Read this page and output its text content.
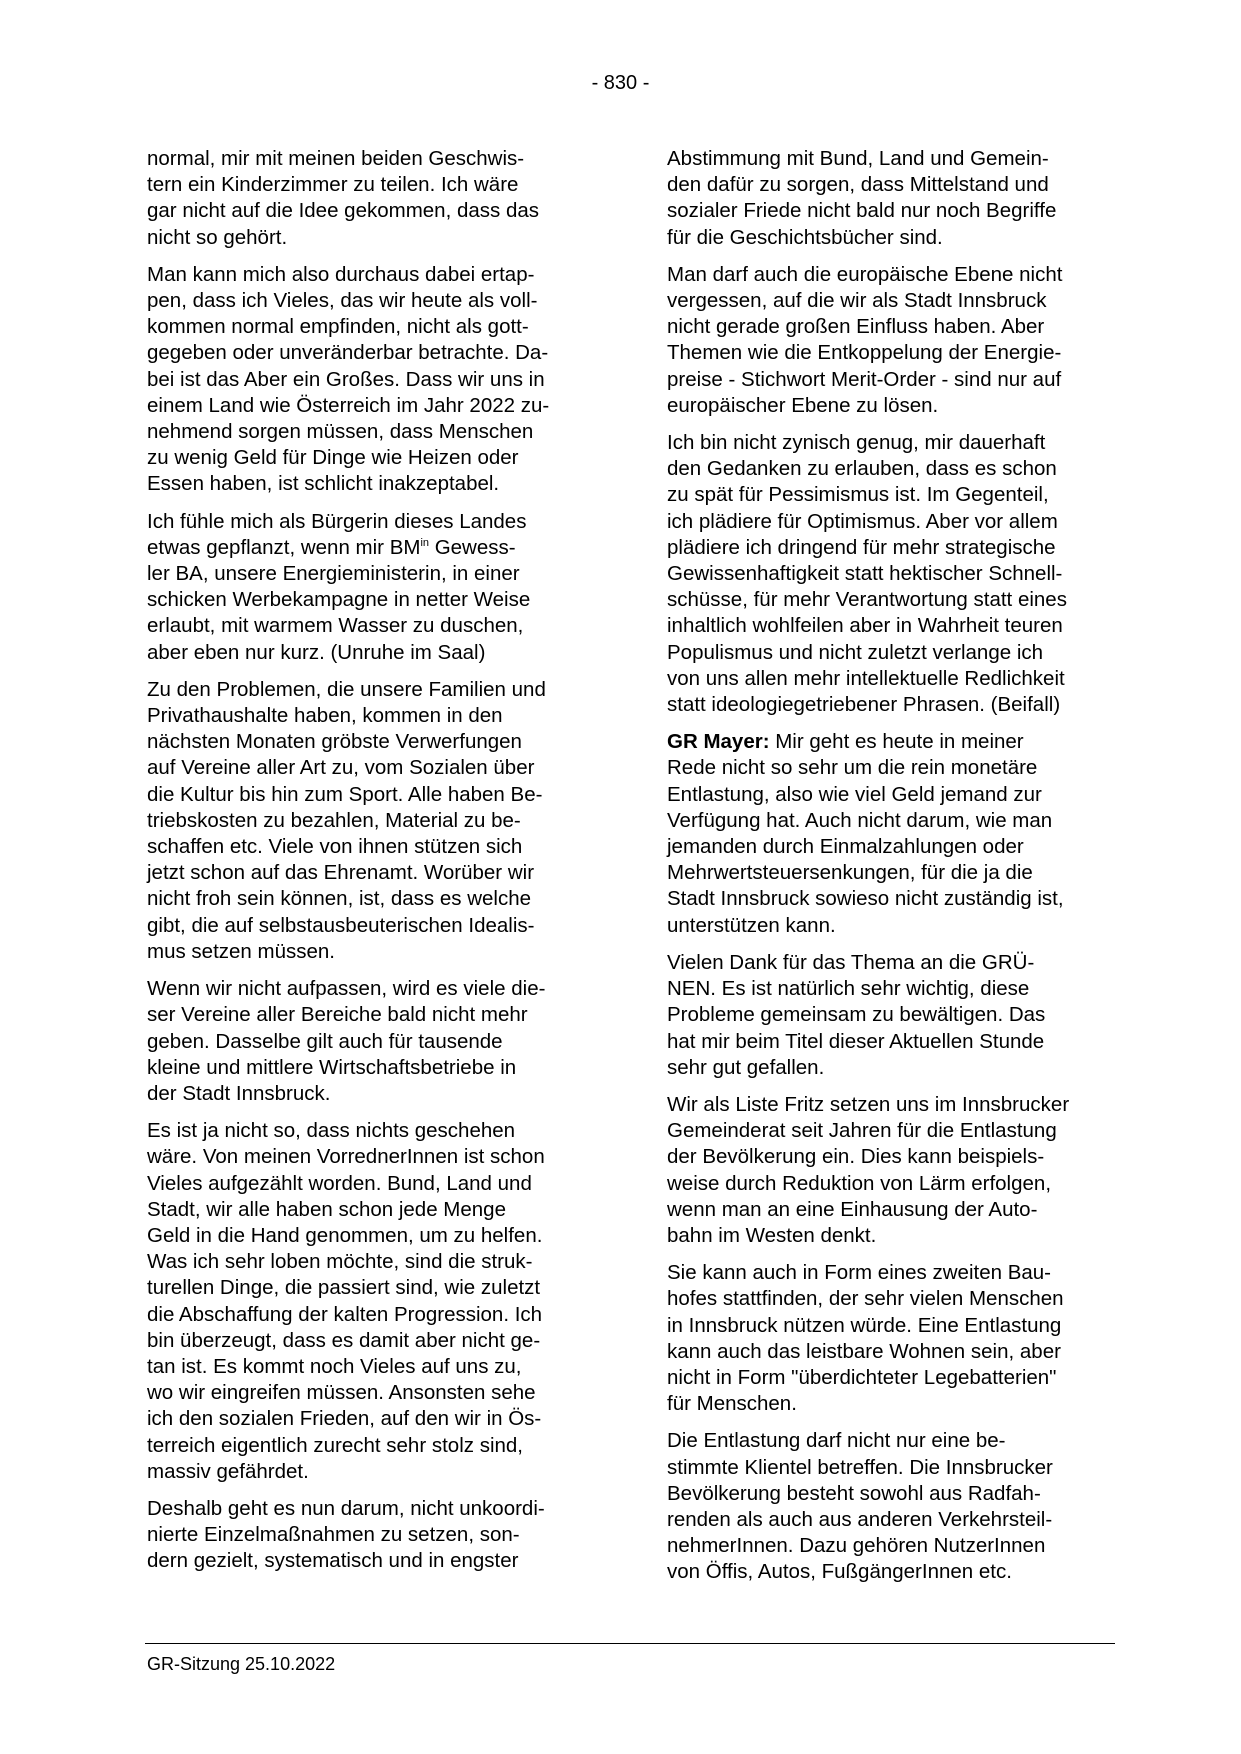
- 830 -

normal, mir mit meinen beiden Geschwis-
tern ein Kinderzimmer zu teilen. Ich wäre
gar nicht auf die Idee gekommen, dass das
nicht so gehört.

Man kann mich also durchaus dabei ertap-
pen, dass ich Vieles, das wir heute als voll-
kommen normal empfinden, nicht als gott-
gegeben oder unveränderbar betrachte. Da-
bei ist das Aber ein Großes. Dass wir uns in
einem Land wie Österreich im Jahr 2022 zu-
nehmend sorgen müssen, dass Menschen
zu wenig Geld für Dinge wie Heizen oder
Essen haben, ist schlicht inakzeptabel.

Ich fühle mich als Bürgerin dieses Landes
etwas gepflanzt, wenn mir $BM^{in}$ Gewess-
ler BA, unsere Energieministerin, in einer
schicken Werbekampagne in netter Weise
erlaubt, mit warmem Wasser zu duschen,
aber eben nur kurz. (Unruhe im Saal)

Zu den Problemen, die unsere Familien und
Privathaushalte haben, kommen in den
nächsten Monaten gröbste Verwerfungen
auf Vereine aller Art zu, vom Sozialen über
die Kultur bis hin zum Sport. Alle haben Be-
triebskosten zu bezahlen, Material zu be-
schaffen etc. Viele von ihnen stützen sich
jetzt schon auf das Ehrenamt. Worüber wir
nicht froh sein können, ist, dass es welche
gibt, die auf selbstausbeuterischen Idealis-
mus setzen müssen.

Wenn wir nicht aufpassen, wird es viele die-
ser Vereine aller Bereiche bald nicht mehr
geben. Dasselbe gilt auch für tausende
kleine und mittlere Wirtschaftsbetriebe in
der Stadt Innsbruck.

Es ist ja nicht so, dass nichts geschehen
wäre. Von meinen VorrednerInnen ist schon
Vieles aufgezählt worden. Bund, Land und
Stadt, wir alle haben schon jede Menge
Geld in die Hand genommen, um zu helfen.
Was ich sehr loben möchte, sind die struk-
turellen Dinge, die passiert sind, wie zuletzt
die Abschaffung der kalten Progression. Ich
bin überzeugt, dass es damit aber nicht ge-
tan ist. Es kommt noch Vieles auf uns zu,
wo wir eingreifen müssen. Ansonsten sehe
ich den sozialen Frieden, auf den wir in Ös-
terreich eigentlich zurecht sehr stolz sind,
massiv gefährdet.

Deshalb geht es nun darum, nicht unkoordi-
nierte Einzelmaßnahmen zu setzen, son-
dern gezielt, systematisch und in engster

Abstimmung mit Bund, Land und Gemein-
den dafür zu sorgen, dass Mittelstand und
sozialer Friede nicht bald nur noch Begriffe
für die Geschichtsbücher sind.

Man darf auch die europäische Ebene nicht
vergessen, auf die wir als Stadt Innsbruck
nicht gerade großen Einfluss haben. Aber
Themen wie die Entkoppelung der Energie-
preise - Stichwort Merit-Order - sind nur auf
europäischer Ebene zu lösen.

Ich bin nicht zynisch genug, mir dauerhaft
den Gedanken zu erlauben, dass es schon
zu spät für Pessimismus ist. Im Gegenteil,
ich plädiere für Optimismus. Aber vor allem
plädiere ich dringend für mehr strategische
Gewissenhaftigkeit statt hektischer Schnell-
schüsse, für mehr Verantwortung statt eines
inhaltlich wohlfeilen aber in Wahrheit teuren
Populismus und nicht zuletzt verlange ich
von uns allen mehr intellektuelle Redlichkeit
statt ideologiegetriebener Phrasen. (Beifall)

GR Mayer: Mir geht es heute in meiner
Rede nicht so sehr um die rein monetäre
Entlastung, also wie viel Geld jemand zur
Verfügung hat. Auch nicht darum, wie man
jemanden durch Einmalzahlungen oder
Mehrwertsteuersenkungen, für die ja die
Stadt Innsbruck sowieso nicht zuständig ist,
unterstützen kann.

Vielen Dank für das Thema an die GRÜ-
NEN. Es ist natürlich sehr wichtig, diese
Probleme gemeinsam zu bewältigen. Das
hat mir beim Titel dieser Aktuellen Stunde
sehr gut gefallen.

Wir als Liste Fritz setzen uns im Innsbrucker
Gemeinderat seit Jahren für die Entlastung
der Bevölkerung ein. Dies kann beispiels-
weise durch Reduktion von Lärm erfolgen,
wenn man an eine Einhausung der Auto-
bahn im Westen denkt.

Sie kann auch in Form eines zweiten Bau-
hofes stattfinden, der sehr vielen Menschen
in Innsbruck nützen würde. Eine Entlastung
kann auch das leistbare Wohnen sein, aber
nicht in Form "überdichteter Legebatterien"
für Menschen.

Die Entlastung darf nicht nur eine be-
stimmte Klientel betreffen. Die Innsbrucker
Bevölkerung besteht sowohl aus Radfah-
renden als auch aus anderen Verkehrsteil-
nehmerInnen. Dazu gehören NutzerInnen
von Öffis, Autos, FußgängerInnen etc.

GR-Sitzung 25.10.2022
